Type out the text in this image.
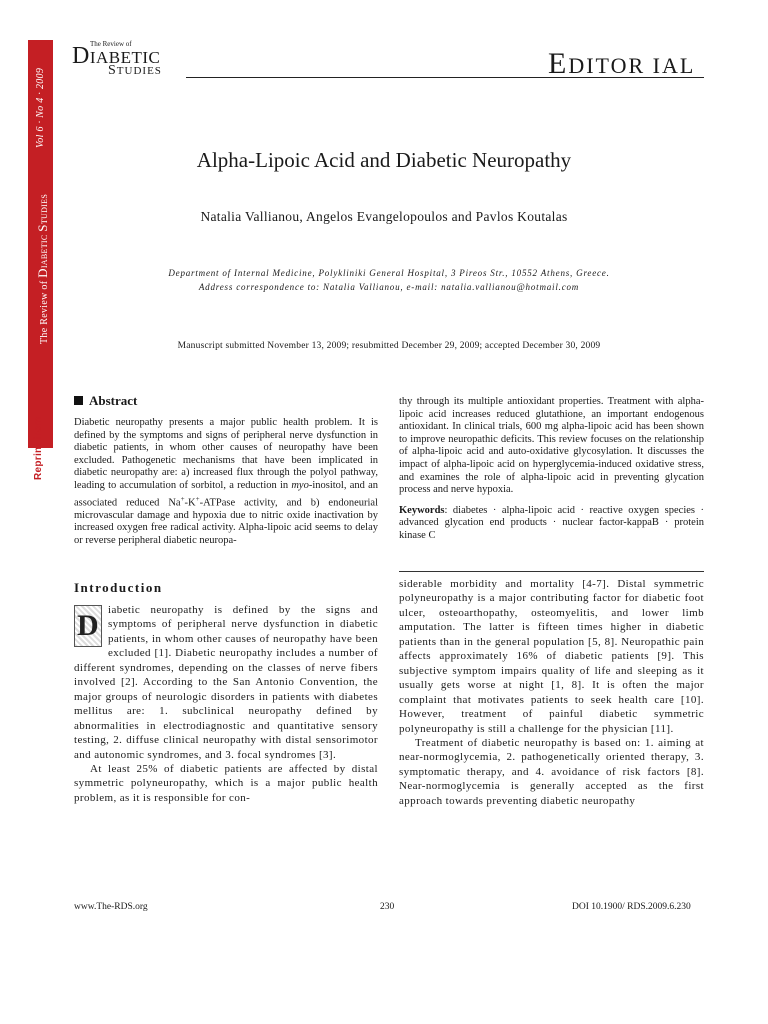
Vol 6 · No 4 · 2009
The Review of DIABETIC STUDIES
Reprint from
The Review of
DIABETIC
STUDIES	EDITOR IAL
Alpha-Lipoic Acid and Diabetic Neuropathy
Natalia Vallianou, Angelos Evangelopoulos and Pavlos Koutalas
Department of Internal Medicine, Polykliniki General Hospital, 3 Pireos Str., 10552 Athens, Greece.
Address correspondence to: Natalia Vallianou, e-mail: natalia.vallianou@hotmail.com
Manuscript submitted November 13, 2009; resubmitted December 29, 2009; accepted December 30, 2009
Abstract

Diabetic neuropathy presents a major public health problem. It is defined by the symptoms and signs of peripheral nerve dysfunction in diabetic patients, in whom other causes of neuropathy have been excluded. Pathogenetic mechanisms that have been implicated in diabetic neuropathy are: a) increased flux through the polyol pathway, leading to accumulation of sorbitol, a reduction in myo-inositol, and an associated reduced Na+-K+-ATPase activity, and b) endoneurial microvascular damage and hypoxia due to nitric oxide inactivation by increased oxygen free radical activity. Alpha-lipoic acid seems to delay or reverse peripheral diabetic neuropa-

thy through its multiple antioxidant properties. Treatment with alpha-lipoic acid increases reduced glutathione, an important endogenous antioxidant. In clinical trials, 600 mg alpha-lipoic acid has been shown to improve neuropathic deficits. This review focuses on the relationship of alpha-lipoic acid and auto-oxidative glycosylation. It discusses the impact of alpha-lipoic acid on hyperglycemia-induced oxidative stress, and examines the role of alpha-lipoic acid in preventing glycation process and nerve hypoxia.

Keywords: diabetes · alpha-lipoic acid · reactive oxygen species · advanced glycation end products · nuclear factor-kappaB · protein kinase C

Introduction

D iabetic neuropathy is defined by the signs and symptoms of peripheral nerve dysfunction in diabetic patients, in whom other causes of neuropathy have been excluded [1]. Diabetic neuropathy includes a number of different syndromes, depending on the classes of nerve fibers involved [2]. According to the San Antonio Convention, the major groups of neurologic disorders in patients with diabetes mellitus are: 1. subclinical neuropathy defined by abnormalities in electrodiagnostic and quantitative sensory testing, 2. diffuse clinical neuropathy with distal sensorimotor and autonomic syndromes, and 3. focal syndromes [3].

At least 25% of diabetic patients are affected by distal symmetric polyneuropathy, which is a major public health problem, as it is responsible for con-

siderable morbidity and mortality [4-7]. Distal symmetric polyneuropathy is a major contributing factor for diabetic foot ulcer, osteoarthopathy, osteomyelitis, and lower limb amputation. The latter is fifteen times higher in diabetic patients than in the general population [5, 8]. Neuropathic pain affects approximately 16% of diabetic patients [9]. This subjective symptom impairs quality of life and sleeping as it usually gets worse at night [1, 8]. It is often the major complaint that motivates patients to seek health care [10]. However, treatment of painful diabetic symmetric polyneuropathy is still a challenge for the physician [11].

Treatment of diabetic neuropathy is based on: 1. aiming at near-normoglycemia, 2. pathogenetically oriented therapy, 3. symptomatic therapy, and 4. avoidance of risk factors [8]. Near-normoglycemia is generally accepted as the first approach towards preventing diabetic neuropathy

www.The-RDS.org	230	DOI 10.1900/ RDS.2009.6.230
